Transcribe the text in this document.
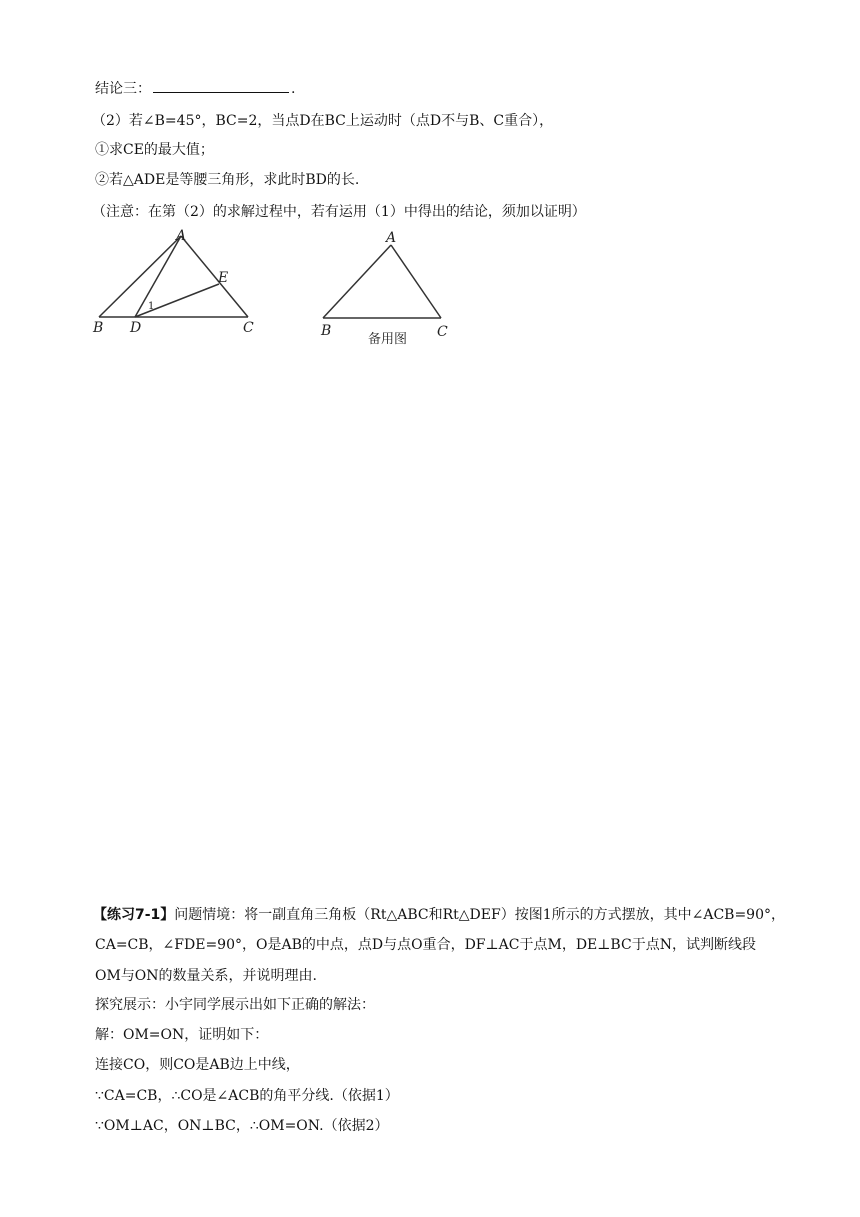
结论三：	.
（2）若∠B=45°，BC=2，当点D在BC上运动时（点D不与B、C重合），
①求CE的最大值；
②若△ADE是等腰三角形，求此时BD的长.
（注意：在第（2）的求解过程中，若有运用（1）中得出的结论，须加以证明）
A
E
1
B D	C
A
B	C
备用图
【练习7-1】问题情境：将一副直角三角板（Rt△ABC和Rt△DEF）按图1所示的方式摆放，其中∠ACB=90°，
CA=CB，∠FDE=90°，O是AB的中点，点D与点O重合，DF⊥AC于点M，DE⊥BC于点N，试判断线段
OM与ON的数量关系，并说明理由.
探究展示：小宇同学展示出如下正确的解法：
解：OM=ON，证明如下：
连接CO，则CO是AB边上中线，
∵CA=CB，∴CO是∠ACB的角平分线.（依据1）
∵OM⊥AC，ON⊥BC，∴OM=ON.（依据2）
